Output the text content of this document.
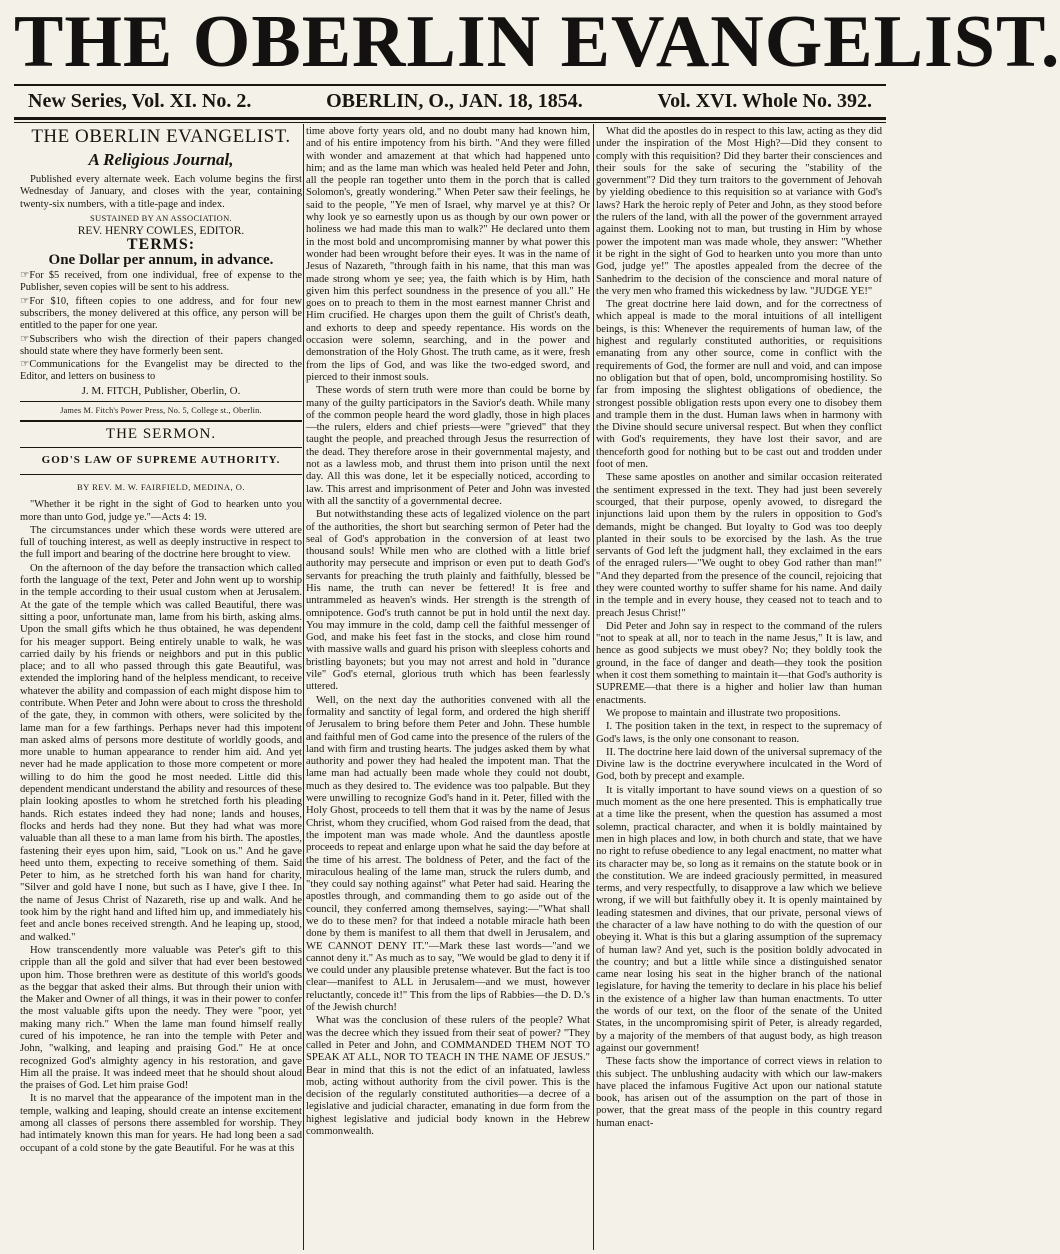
THE OBERLIN EVANGELIST.
New Series, Vol. XI. No. 2.	OBERLIN, O., JAN. 18, 1854.	Vol. XVI. Whole No. 392.
THE OBERLIN EVANGELIST.
A Religious Journal,

Published every alternate week. Each volume begins the first Wednesday of January, and closes with the year, containing twenty-six numbers, with a title-page and index.

SUSTAINED BY AN ASSOCIATION.
REV. HENRY COWLES, EDITOR.
TERMS:
One Dollar per annum, in advance.

☞For $5 received, from one individual, free of expense to the Publisher, seven copies will be sent to his address.

☞For $10, fifteen copies to one address, and for four new subscribers, the money delivered at this office, any person will be entitled to the paper for one year.

☞Subscribers who wish the direction of their papers changed should state where they have formerly been sent.

☞Communications for the Evangelist may be directed to the Editor, and letters on business to

J. M. FITCH, Publisher, Oberlin, O.

James M. Fitch's Power Press, No. 5, College st., Oberlin.
THE SERMON.
GOD'S LAW OF SUPREME AUTHORITY.
BY REV. M. W. FAIRFIELD, MEDINA, O.

"Whether it be right in the sight of God to hearken unto you more than unto God, judge ye."—Acts 4: 19.

The circumstances under which these words were uttered are full of touching interest, as well as deeply instructive in respect to the full import and bearing of the doctrine here brought to view.

On the afternoon of the day before the transaction which called forth the language of the text, Peter and John went up to worship in the temple according to their usual custom when at Jerusalem. At the gate of the temple which was called Beautiful, there was sitting a poor, unfortunate man, lame from his birth, asking alms. Upon the small gifts which he thus obtained, he was dependent for his meager support. Being entirely unable to walk, he was carried daily by his friends or neighbors and put in this public place; and to all who passed through this gate Beautiful, was extended the imploring hand of the helpless mendicant, to receive whatever the ability and compassion of each might dispose him to contribute. When Peter and John were about to cross the threshold of the gate, they, in common with others, were solicited by the lame man for a few farthings. Perhaps never had this impotent man asked alms of persons more destitute of worldly goods, and more unable to human appearance to render him aid. And yet never had he made application to those more competent or more willing to do him the good he most needed. Little did this dependent mendicant understand the ability and resources of these plain looking apostles to whom he stretched forth his pleading hands. Rich estates indeed they had none; lands and houses, flocks and herds had they none. But they had what was more valuable than all these to a man lame from his birth. The apostles, fastening their eyes upon him, said, "Look on us." And he gave heed unto them, expecting to receive something of them. Said Peter to him, as he stretched forth his wan hand for charity, "Silver and gold have I none, but such as I have, give I thee. In the name of Jesus Christ of Nazareth, rise up and walk. And he took him by the right hand and lifted him up, and immediately his feet and ancle bones received strength. And he leaping up, stood, and walked."

How transcendently more valuable was Peter's gift to this cripple than all the gold and silver that had ever been bestowed upon him. Those brethren were as destitute of this world's goods as the beggar that asked their alms. But through their union with the Maker and Owner of all things, it was in their power to confer the most valuable gifts upon the needy. They were "poor, yet making many rich." When the lame man found himself really cured of his impotence, he ran into the temple with Peter and John, "walking, and leaping and praising God." He at once recognized God's almighty agency in his restoration, and gave Him all the praise. It was indeed meet that he should shout aloud the praises of God. Let him praise God!

It is no marvel that the appearance of the impotent man in the temple, walking and leaping, should create an intense excitement among all classes of persons there assembled for worship. They had intimately known this man for years. He had long been a sad occupant of a cold stone by the gate Beautiful. For he was at this

time above forty years old, and no doubt many had known him, and of his entire impotency from his birth. "And they were filled with wonder and amazement at that which had happened unto him; and as the lame man which was healed held Peter and John, all the people ran together unto them in the porch that is called Solomon's, greatly wondering." When Peter saw their feelings, he said to the people, "Ye men of Israel, why marvel ye at this? Or why look ye so earnestly upon us as though by our own power or holiness we had made this man to walk?" He declared unto them in the most bold and uncompromising manner by what power this wonder had been wrought before their eyes. It was in the name of Jesus of Nazareth, "through faith in his name, that this man was made strong whom ye see; yea, the faith which is by Him, hath given him this perfect soundness in the presence of you all." He goes on to preach to them in the most earnest manner Christ and Him crucified. He charges upon them the guilt of Christ's death, and exhorts to deep and speedy repentance. His words on the occasion were solemn, searching, and in the power and demonstration of the Holy Ghost. The truth came, as it were, fresh from the lips of God, and was like the two-edged sword, and pierced to their inmost souls.

These words of stern truth were more than could be borne by many of the guilty participators in the Savior's death. While many of the common people heard the word gladly, those in high places—the rulers, elders and chief priests—were "grieved" that they taught the people, and preached through Jesus the resurrection of the dead. They therefore arose in their governmental majesty, and not as a lawless mob, and thrust them into prison until the next day. All this was done, let it be especially noticed, according to law. This arrest and imprisonment of Peter and John was invested with all the sanctity of a governmental decree.

But notwithstanding these acts of legalized violence on the part of the authorities, the short but searching sermon of Peter had the seal of God's approbation in the conversion of at least two thousand souls! While men who are clothed with a little brief authority may persecute and imprison or even put to death God's servants for preaching the truth plainly and faithfully, blessed be His name, the truth can never be fettered! It is free and untrammeled as heaven's winds. Her strength is the strength of omnipotence. God's truth cannot be put in hold until the next day. You may immure in the cold, damp cell the faithful messenger of God, and make his feet fast in the stocks, and close him round with massive walls and guard his prison with sleepless cohorts and bristling bayonets; but you may not arrest and hold in "durance vile" God's eternal, glorious truth which has been fearlessly uttered.

Well, on the next day the authorities convened with all the formality and sanctity of legal form, and ordered the high sheriff of Jerusalem to bring before them Peter and John. These humble and faithful men of God came into the presence of the rulers of the land with firm and trusting hearts. The judges asked them by what authority and power they had healed the impotent man. That the lame man had actually been made whole they could not doubt, much as they desired to. The evidence was too palpable. But they were unwilling to recognize God's hand in it. Peter, filled with the Holy Ghost, proceeds to tell them that it was by the name of Jesus Christ, whom they crucified, whom God raised from the dead, that the impotent man was made whole. And the dauntless apostle proceeds to repeat and enlarge upon what he said the day before at the time of his arrest. The boldness of Peter, and the fact of the miraculous healing of the lame man, struck the rulers dumb, and "they could say nothing against" what Peter had said. Hearing the apostles through, and commanding them to go aside out of the council, they conferred among themselves, saying:—"What shall we do to these men? for that indeed a notable miracle hath been done by them is manifest to all them that dwell in Jerusalem, and WE CANNOT DENY IT."—Mark these last words—"and we cannot deny it." As much as to say, "We would be glad to deny it if we could under any plausible pretense whatever. But the fact is too clear—manifest to ALL in Jerusalem—and we must, however reluctantly, concede it!" This from the lips of Rabbies—the D. D.'s of the Jewish church!

What was the conclusion of these rulers of the people? What was the decree which they issued from their seat of power? "They called in Peter and John, and COMMANDED THEM NOT TO SPEAK AT ALL, NOR TO TEACH IN THE NAME OF JESUS." Bear in mind that this is not the edict of an infatuated, lawless mob, acting without authority from the civil power. This is the decision of the regularly constituted authorities—a decree of a legislative and judicial character, emanating in due form from the highest legislative and judicial body known in the Hebrew commonwealth.

What did the apostles do in respect to this law, acting as they did under the inspiration of the Most High?—Did they consent to comply with this requisition? Did they barter their consciences and their souls for the sake of securing the "stability of the government"? Did they turn traitors to the government of Jehovah by yielding obedience to this requisition so at variance with God's laws? Hark the heroic reply of Peter and John, as they stood before the rulers of the land, with all the power of the government arrayed against them. Looking not to man, but trusting in Him by whose power the impotent man was made whole, they answer: "Whether it be right in the sight of God to hearken unto you more than unto God, judge ye!" The apostles appealed from the decree of the Sanhedrim to the decision of the conscience and moral nature of the very men who framed this wickedness by law. "JUDGE YE!"

The great doctrine here laid down, and for the correctness of which appeal is made to the moral intuitions of all intelligent beings, is this: Whenever the requirements of human law, of the highest and regularly constituted authorities, or requisitions emanating from any other source, come in conflict with the requirements of God, the former are null and void, and can impose no obligation but that of open, bold, uncompromising hostility. So far from imposing the slightest obligations of obedience, the strongest possible obligation rests upon every one to disobey them and trample them in the dust. Human laws when in harmony with the Divine should secure universal respect. But when they conflict with God's requirements, they have lost their savor, and are thenceforth good for nothing but to be cast out and trodden under foot of men.

These same apostles on another and similar occasion reiterated the sentiment expressed in the text. They had just been severely scourged, that their purpose, openly avowed, to disregard the injunctions laid upon them by the rulers in opposition to God's demands, might be changed. But loyalty to God was too deeply planted in their souls to be exorcised by the lash. As the true servants of God left the judgment hall, they exclaimed in the ears of the enraged rulers—"We ought to obey God rather than man!" "And they departed from the presence of the council, rejoicing that they were counted worthy to suffer shame for his name. And daily in the temple and in every house, they ceased not to teach and to preach Jesus Christ!"

Did Peter and John say in respect to the command of the rulers "not to speak at all, nor to teach in the name Jesus," It is law, and hence as good subjects we must obey? No; they boldly took the ground, in the face of danger and death—they took the position when it cost them something to maintain it—that God's authority is SUPREME—that there is a higher and holier law than human enactments.

We propose to maintain and illustrate two propositions.

I. The position taken in the text, in respect to the supremacy of God's laws, is the only one consonant to reason.

II. The doctrine here laid down of the universal supremacy of the Divine law is the doctrine everywhere inculcated in the Word of God, both by precept and example.

It is vitally important to have sound views on a question of so much moment as the one here presented. This is emphatically true at a time like the present, when the question has assumed a most solemn, practical character, and when it is boldly maintained by men in high places and low, in both church and state, that we have no right to refuse obedience to any legal enactment, no matter what its character may be, so long as it remains on the statute book or in the constitution. We are indeed graciously permitted, in measured terms, and very respectfully, to disapprove a law which we believe wrong, if we will but faithfully obey it. It is openly maintained by leading statesmen and divines, that our private, personal views of the character of a law have nothing to do with the question of our obeying it. What is this but a glaring assumption of the supremacy of human law? And yet, such is the position boldly advocated in the country; and but a little while since a distinguished senator came near losing his seat in the higher branch of the national legislature, for having the temerity to declare in his place his belief in the existence of a higher law than human enactments. To utter the words of our text, on the floor of the senate of the United States, in the uncompromising spirit of Peter, is already regarded, by a majority of the members of that august body, as high treason against our government!

These facts show the importance of correct views in relation to this subject. The unblushing audacity with which our law-makers have placed the infamous Fugitive Act upon our national statute book, has arisen out of the assumption on the part of those in power, that the great mass of the people in this country regard human enact-
